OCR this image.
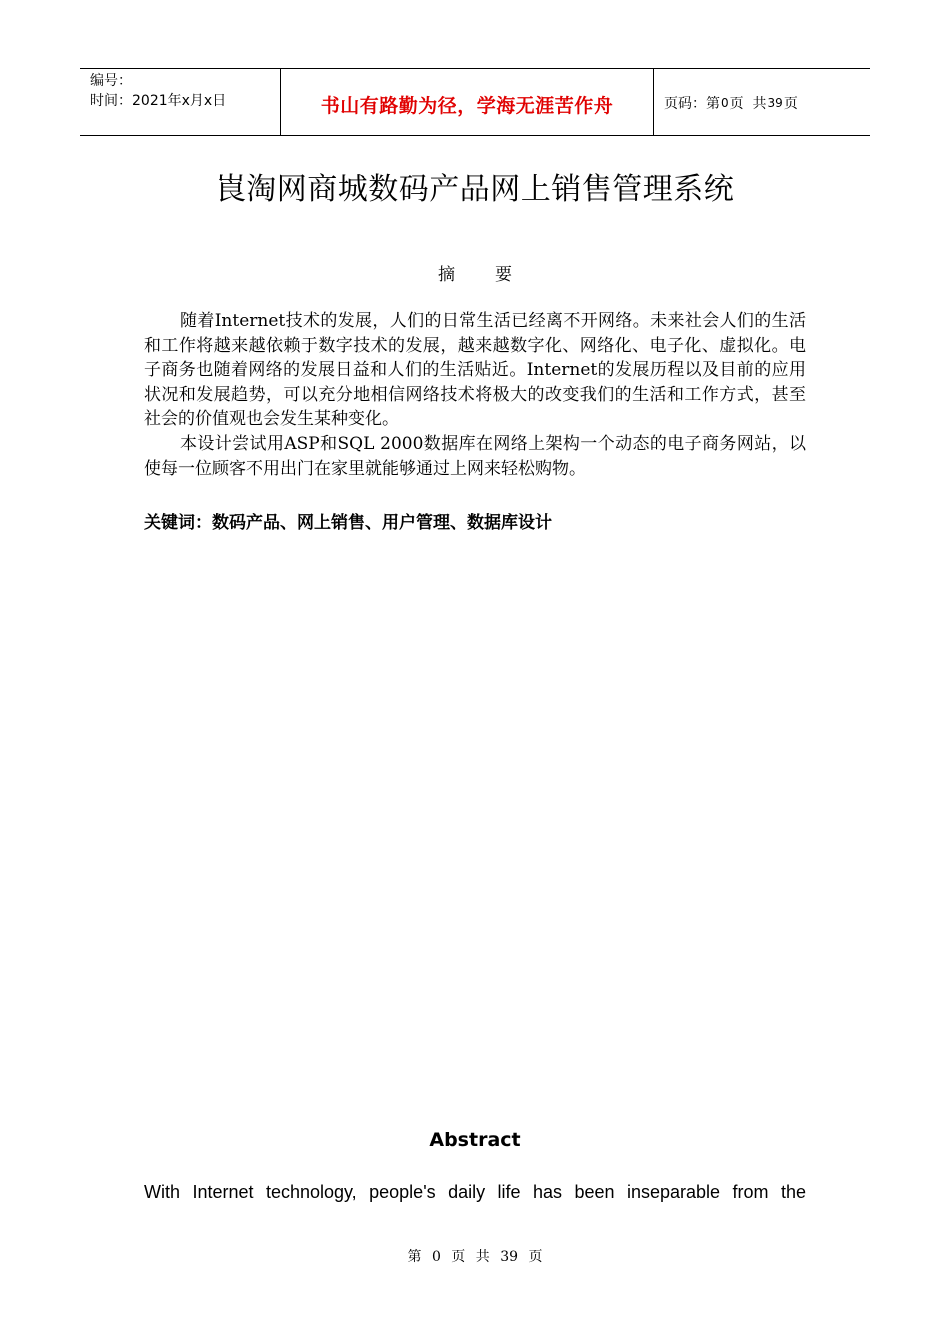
编号：
时间：2021年x月x日	书山有路勤为径，学海无涯苦作舟	页码：第 0 页  共 39 页
崀淘网商城数码产品网上销售管理系统
摘要

随着Internet技术的发展，人们的日常生活已经离不开网络。未来社会人们的生活和工作将越来越依赖于数字技术的发展，越来越数字化、网络化、电子化、虚拟化。电子商务也随着网络的发展日益和人们的生活贴近。Internet的发展历程以及目前的应用状况和发展趋势，可以充分地相信网络技术将极大的改变我们的生活和工作方式，甚至社会的价值观也会发生某种变化。

本设计尝试用ASP和SQL 2000数据库在网络上架构一个动态的电子商务网站，以使每一位顾客不用出门在家里就能够通过上网来轻松购物。

关键词：数码产品、网上销售、用户管理、数据库设计
Abstract

With Internet technology, people's daily life has been inseparable from the

第 0 页 共 39 页
